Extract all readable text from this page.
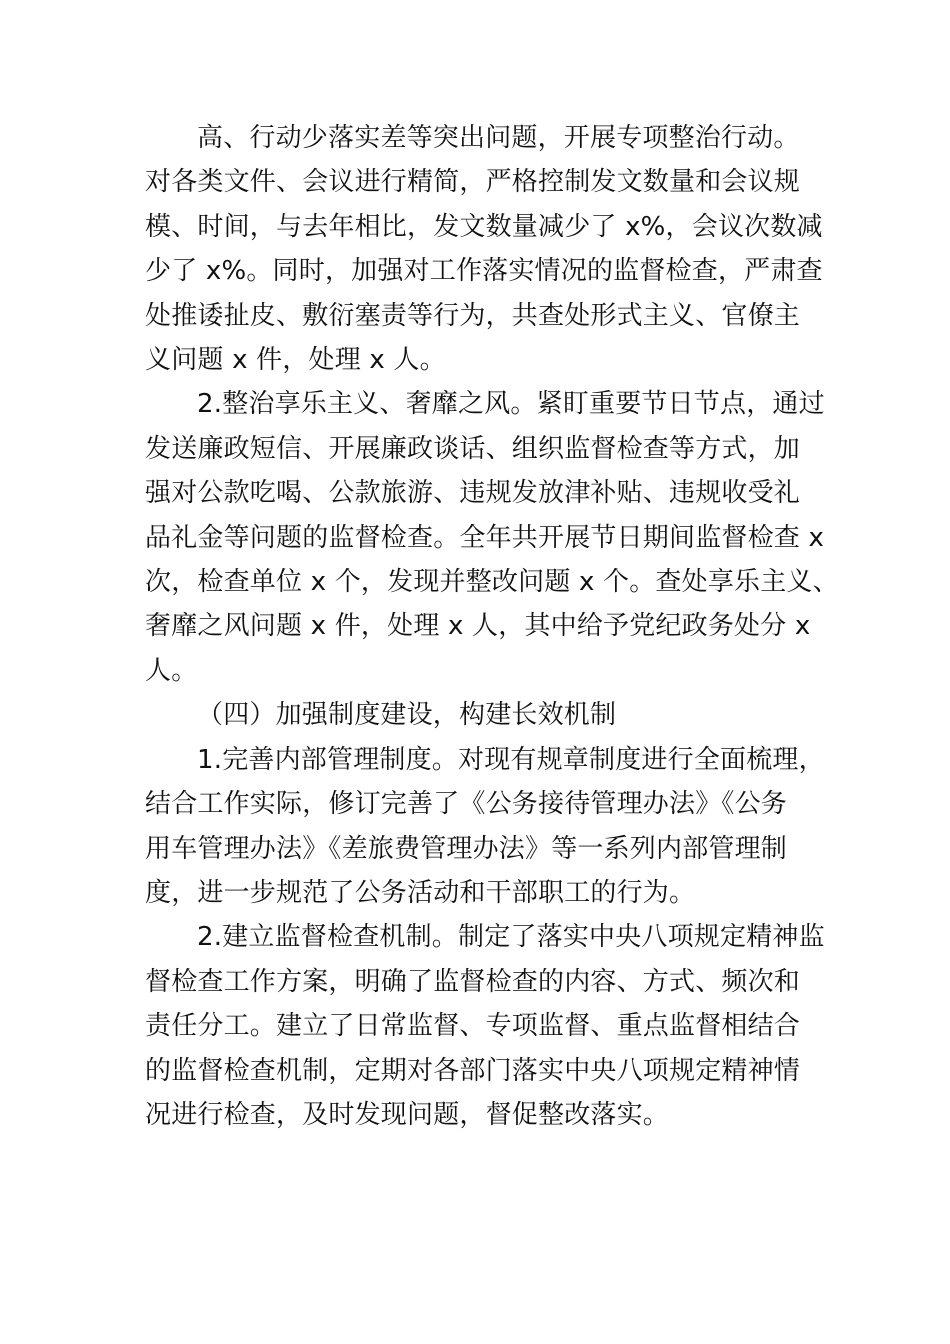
高、行动少落实差等突出问题，开展专项整治行动。
对各类文件、会议进行精简，严格控制发文数量和会议规
模、时间，与去年相比，发文数量减少了 x%，会议次数减
少了 x%。同时，加强对工作落实情况的监督检查，严肃查
处推诿扯皮、敷衍塞责等行为，共查处形式主义、官僚主
义问题 x 件，处理 x 人。

2.整治享乐主义、奢靡之风。紧盯重要节日节点，通过
发送廉政短信、开展廉政谈话、组织监督检查等方式，加
强对公款吃喝、公款旅游、违规发放津补贴、违规收受礼
品礼金等问题的监督检查。全年共开展节日期间监督检查 x
次，检查单位 x 个，发现并整改问题 x 个。查处享乐主义、
奢靡之风问题 x 件，处理 x 人，其中给予党纪政务处分 x
人。

（四）加强制度建设，构建长效机制

1.完善内部管理制度。对现有规章制度进行全面梳理，
结合工作实际，修订完善了《公务接待管理办法》《公务
用车管理办法》《差旅费管理办法》等一系列内部管理制
度，进一步规范了公务活动和干部职工的行为。

2.建立监督检查机制。制定了落实中央八项规定精神监
督检查工作方案，明确了监督检查的内容、方式、频次和
责任分工。建立了日常监督、专项监督、重点监督相结合
的监督检查机制，定期对各部门落实中央八项规定精神情
况进行检查，及时发现问题，督促整改落实。
